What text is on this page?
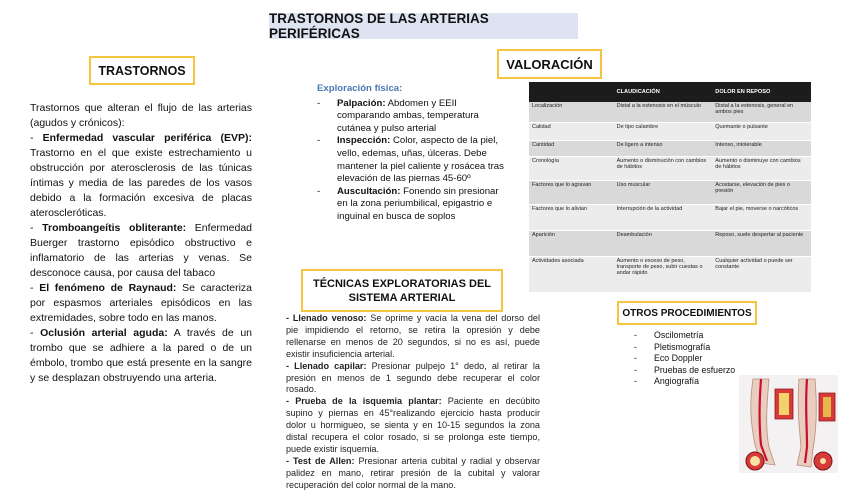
TRASTORNOS DE LAS ARTERIAS PERIFÉRICAS
TRASTORNOS

Trastornos que alteran el flujo de las arterias (agudos y crónicos):

- Enfermedad vascular periférica (EVP): Trastorno en el que existe estrechamiento u obstrucción por aterosclerosis de las túnicas íntimas y media de las paredes de los vasos debido a la formación excesiva de placas ateroscleróticas.

- Tromboangeítis obliterante: Enfermedad Buerger trastorno episódico obstructivo e inflamatorio de las arterias y venas. Se desconoce causa, por causa del tabaco

- El fenómeno de Raynaud: Se caracteriza por espasmos arteriales episódicos en las extremidades, sobre todo en las manos.

- Oclusión arterial aguda: A través de un trombo que se adhiere a la pared o de un émbolo, trombo que está presente en la sangre y se desplazan obstruyendo una arteria.

VALORACIÓN
Exploración física:
- Palpación: Abdomen y EEII comparando ambas, temperatura cutánea y pulso arterial
- Inspección: Color, aspecto de la piel, vello, edemas, uñas, úlceras. Debe mantener la piel caliente y rosácea tras elevación de las piernas 45-60º
- Auscultación: Fonendo sin presionar en la zona periumbilical, epigastrio e inguinal en busca de soplos
	CLAUDICACIÓN	DOLOR EN REPOSO
Localización	Distal a la estenosis en el músculo	Distal a la estenosis, general en ambos pies
Calidad	De tipo calambre	Quemante o pulsante
Cantidad	De ligero a intenso	Intenso, intolerable
Cronología	Aumento o disminución con cambios de hábitos	Aumento o disminuye con cambios de hábitos
Factores que lo agravan	Uso muscular	Acostarse, elevación de pies o presión
Factores que lo alivian	Interrupción de la actividad	Bajar el pie, moverse o narcóticos
Aparición	Deambulación	Reposo, suele despertar al paciente
Actividades asociada	Aumento o exceso de peso, transporte de peso, subir cuestas o andar rápido	Cualquier actividad o puede ser constante
TÉCNICAS EXPLORATORIAS DEL SISTEMA ARTERIAL

- Llenado venoso: Se oprime y vacía la vena del dorso del pie impidiendo el retorno, se retira la opresión y debe rellenarse en menos de 20 segundos, si no es así, puede existir insuficiencia arterial.

- Llenado capilar: Presionar pulpejo 1° dedo, al retirar la presión en menos de 1 segundo debe recuperar el color rosado.

- Prueba de la isquemia plantar: Paciente en decúbito supino y piernas en 45°realizando ejercicio hasta producir dolor u hormigueo, se sienta y en 10-15 segundos la zona distal recupera el color rosado, si se prolonga este tiempo, puede existir isquemia.

- Test de Allen: Presionar arteria cubital y radial y observar palidez en mano, retirar presión de la cubital y valorar recuperación del color normal de la mano.

OTROS PROCEDIMIENTOS
- Oscilometría
- Pletismografía
- Eco Doppler
- Pruebas de esfuerzo
- Angiografía
